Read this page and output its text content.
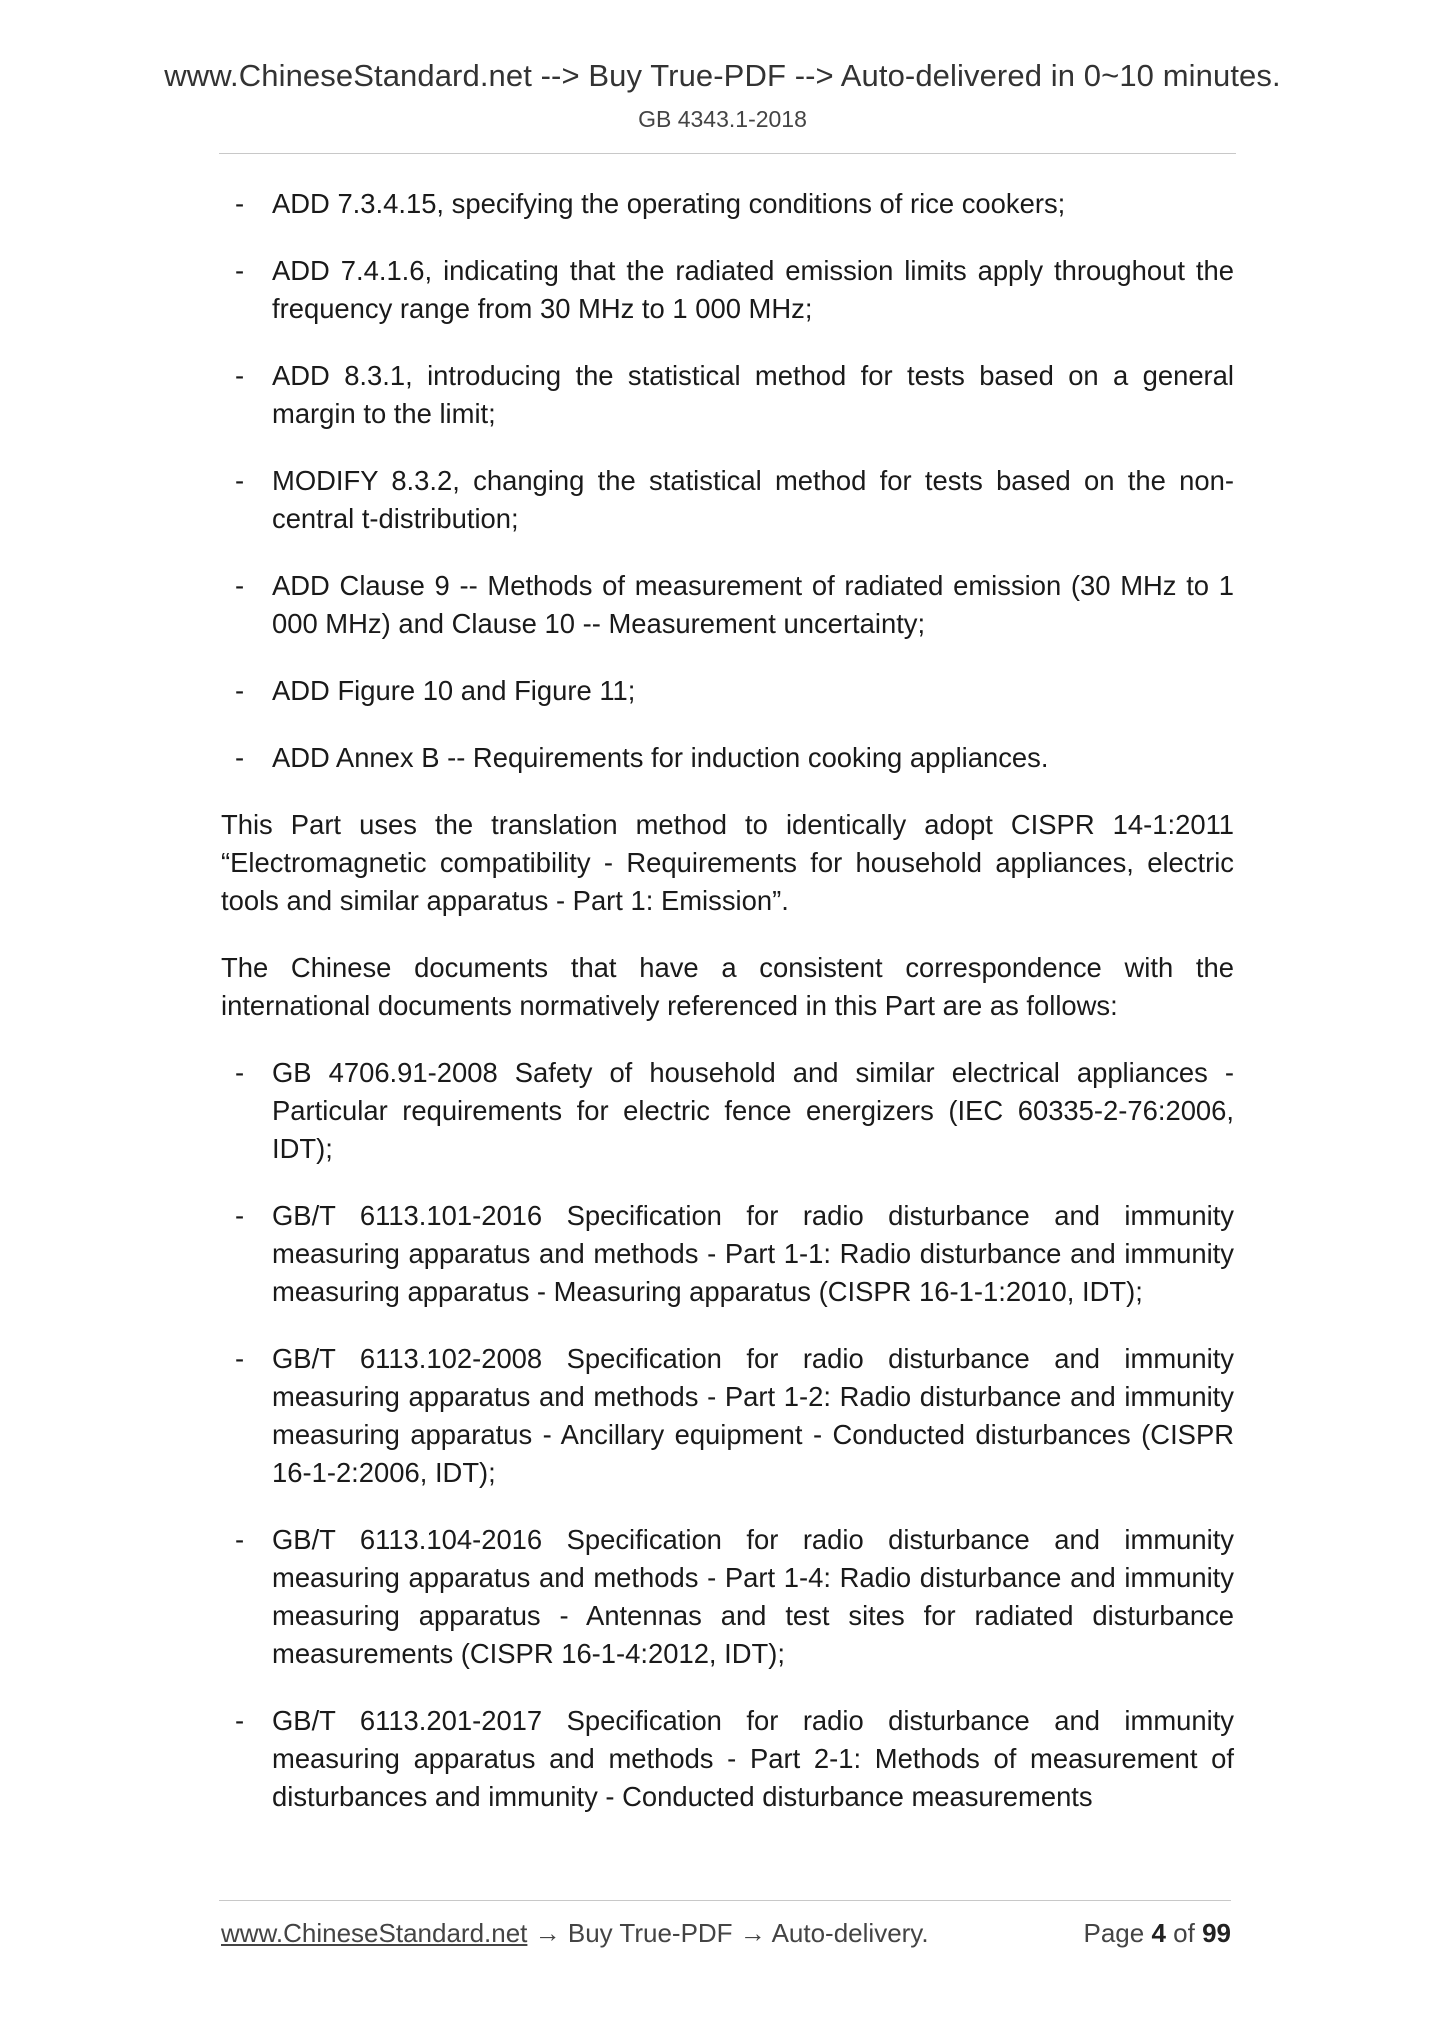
www.ChineseStandard.net --> Buy True-PDF --> Auto-delivered in 0~10 minutes.
GB 4343.1-2018
-
ADD 7.3.4.15, specifying the operating conditions of rice cookers;
-
ADD 7.4.1.6, indicating that the radiated emission limits apply throughout the frequency range from 30 MHz to 1 000 MHz;
-
ADD 8.3.1, introducing the statistical method for tests based on a general margin to the limit;
-
MODIFY 8.3.2, changing the statistical method for tests based on the non-central t-distribution;
-
ADD Clause 9 -- Methods of measurement of radiated emission (30 MHz to 1 000 MHz) and Clause 10 -- Measurement uncertainty;
-
ADD Figure 10 and Figure 11;
-
ADD Annex B -- Requirements for induction cooking appliances.

This Part uses the translation method to identically adopt CISPR 14-1:2011 “Electromagnetic compatibility - Requirements for household appliances, electric tools and similar apparatus - Part 1: Emission”.

The Chinese documents that have a consistent correspondence with the international documents normatively referenced in this Part are as follows:

-
GB 4706.91-2008 Safety of household and similar electrical appliances - Particular requirements for electric fence energizers (IEC 60335-2-76:2006, IDT);
-
GB/T 6113.101-2016 Specification for radio disturbance and immunity measuring apparatus and methods - Part 1-1: Radio disturbance and immunity measuring apparatus - Measuring apparatus (CISPR 16-1-1:2010, IDT);
-
GB/T 6113.102-2008 Specification for radio disturbance and immunity measuring apparatus and methods - Part 1-2: Radio disturbance and immunity measuring apparatus - Ancillary equipment - Conducted disturbances (CISPR 16-1-2:2006, IDT);
-
GB/T 6113.104-2016 Specification for radio disturbance and immunity measuring apparatus and methods - Part 1-4: Radio disturbance and immunity measuring apparatus - Antennas and test sites for radiated disturbance measurements (CISPR 16-1-4:2012, IDT);
-
GB/T 6113.201-2017 Specification for radio disturbance and immunity measuring apparatus and methods - Part 2-1: Methods of measurement of disturbances and immunity - Conducted disturbance measurements
www.ChineseStandard.net → Buy True-PDF → Auto-delivery.	Page 4 of 99
